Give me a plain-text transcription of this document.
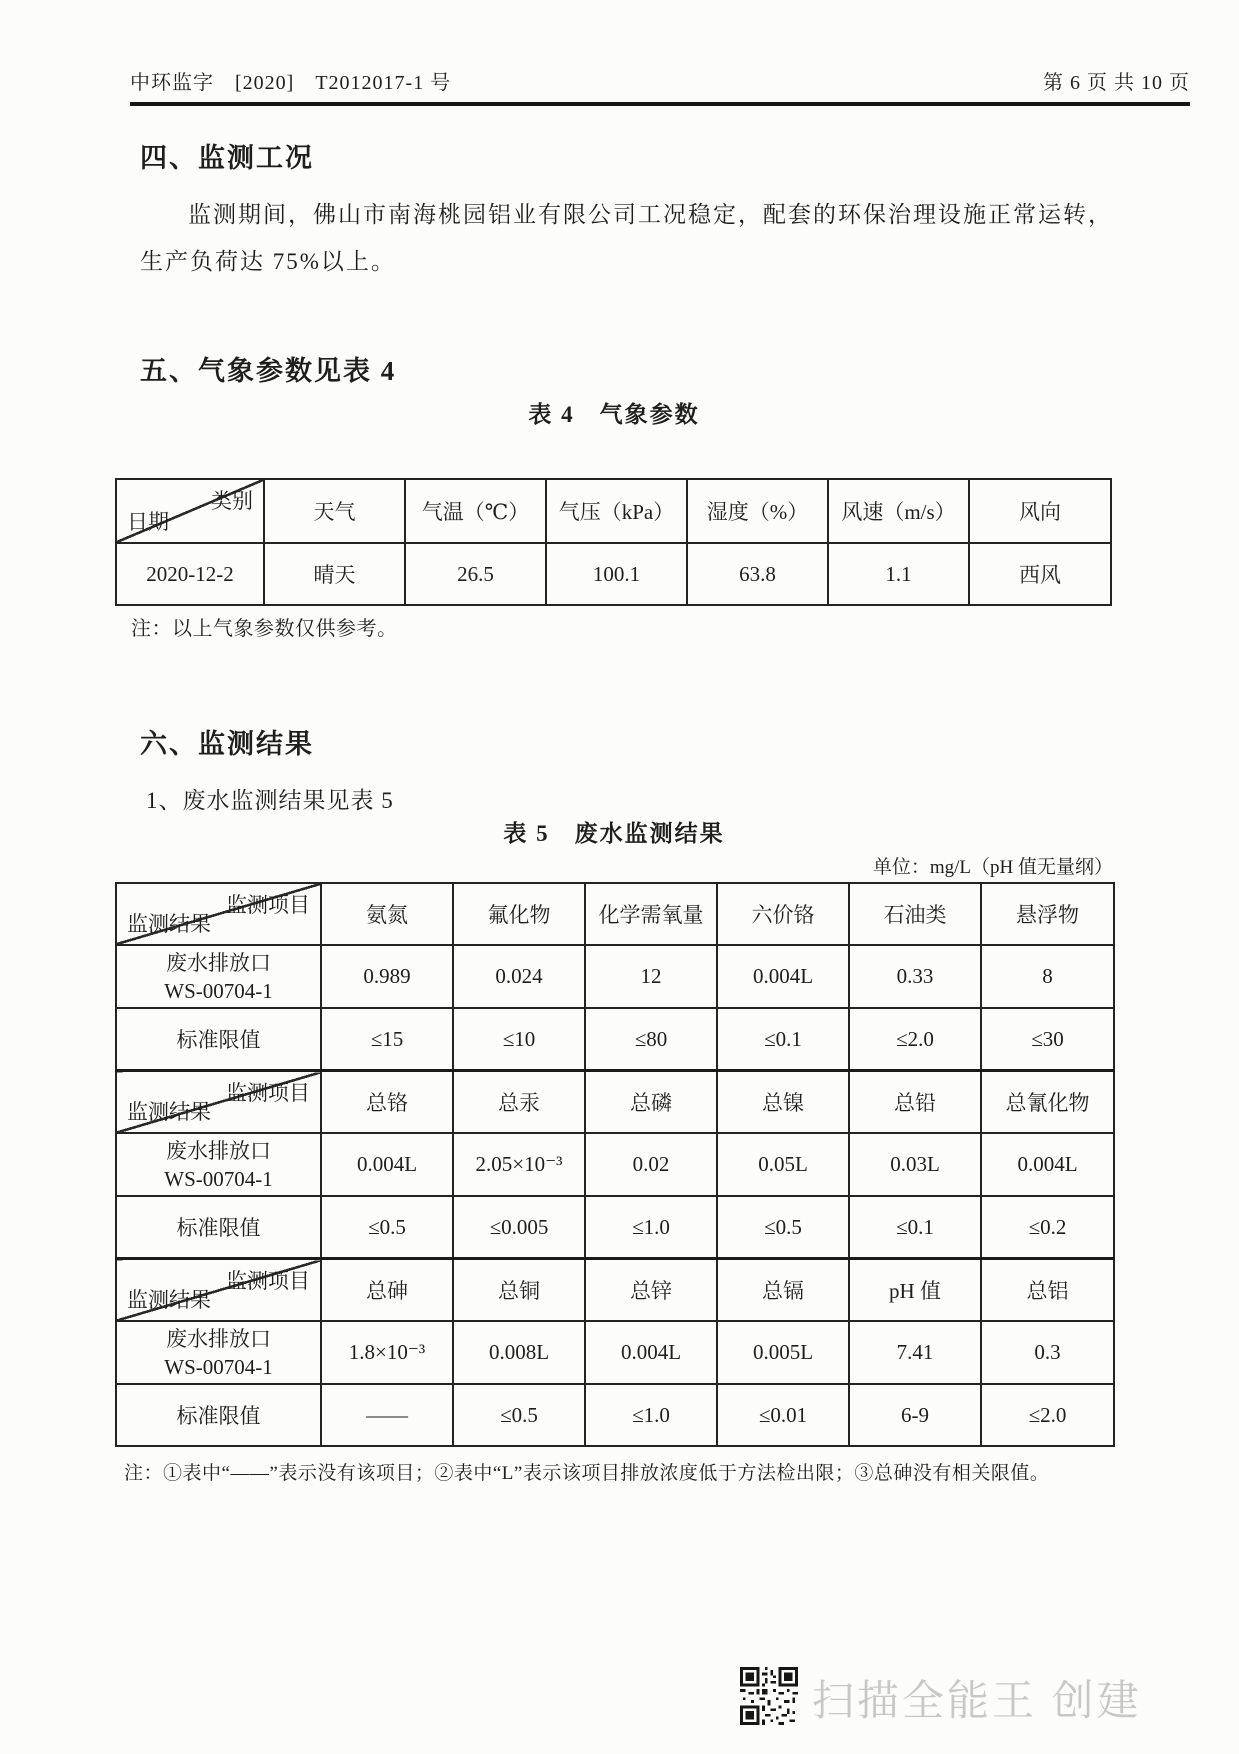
中环监字　[2020]　T2012017-1 号	第 6 页 共 10 页
四、监测工况

监测期间，佛山市南海桃园铝业有限公司工况稳定，配套的环保治理设施正常运转，

生产负荷达 75%以上。

五、气象参数见表 4
表 4　气象参数
类别
日期	天气	气温（℃）	气压（kPa）	湿度（%）	风速（m/s）	风向
2020-12-2	晴天	26.5	100.1	63.8	1.1	西风
注：以上气象参数仅供参考。
六、监测结果
1、废水监测结果见表 5
表 5　废水监测结果
单位：mg/L（pH 值无量纲）
监测项目
监测结果	氨氮	氟化物	化学需氧量	六价铬	石油类	悬浮物

废水排放口
WS-00704-1	0.989	0.024	12	0.004L	0.33	8
标准限值	≤15	≤10	≤80	≤0.1	≤2.0	≤30

监测项目
监测结果	总铬	总汞	总磷	总镍	总铅	总氰化物

废水排放口
WS-00704-1	0.004L	2.05×10⁻³	0.02	0.05L	0.03L	0.004L
标准限值	≤0.5	≤0.005	≤1.0	≤0.5	≤0.1	≤0.2

监测项目
监测结果	总砷	总铜	总锌	总镉	pH 值	总铝

废水排放口
WS-00704-1	1.8×10⁻³	0.008L	0.004L	0.005L	7.41	0.3
标准限值	——	≤0.5	≤1.0	≤0.01	6-9	≤2.0
注：①表中“——”表示没有该项目；②表中“L”表示该项目排放浓度低于方法检出限；③总砷没有相关限值。
扫描全能王 创建
